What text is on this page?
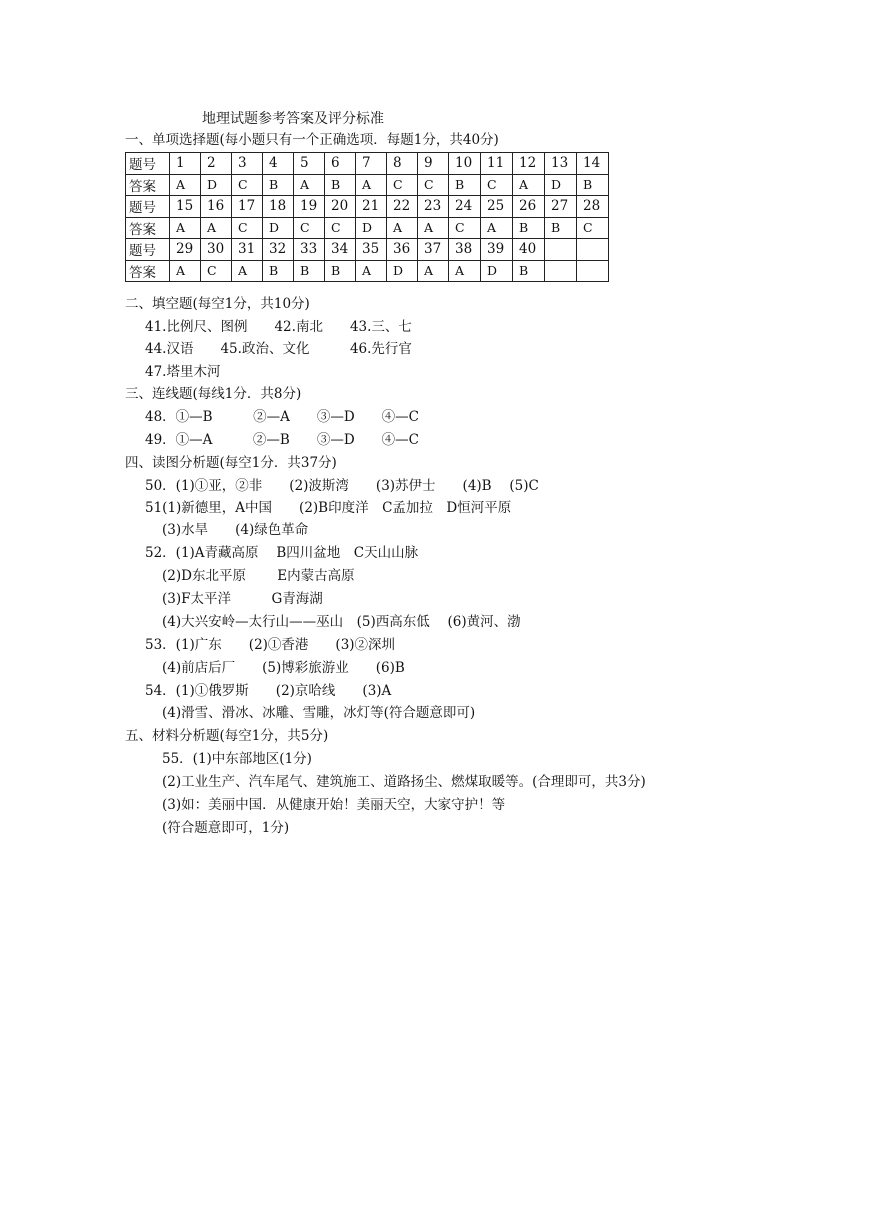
地理试题参考答案及评分标准
一、单项选择题(每小题只有一个正确选项．每题1分，共40分)
题号	1	2	3	4	5	6	7	8	9	10	11	12	13	14
答案	A	D	C	B	A	B	A	C	C	B	C	A	D	B
题号	15	16	17	18	19	20	21	22	23	24	25	26	27	28
答案	A	A	C	D	C	C	D	A	A	C	A	B	B	C
题号	29	30	31	32	33	34	35	36	37	38	39	40		
答案	A	C	A	B	B	B	A	D	A	A	D	B		
二、填空题(每空1分，共10分)
41.比例尺、图例　　42.南北　　43.三、七
44.汉语　　45.政治、文化　　　46.先行官
47.塔里木河
三、连线题(每线1分．共8分)
48．①—B　　　②—A　　③—D　　④—C
49．①—A　　　②—B　　③—D　　④—C
四、读图分析题(每空1分．共37分)
50．(1)①亚，②非　　(2)波斯湾　　(3)苏伊士　　(4)B　 (5)C
51(1)新德里，A中国　　(2)B印度洋　C孟加拉　D恒河平原
(3)水旱　　(4)绿色革命
52．(1)A青藏高原　 B四川盆地　C天山山脉
(2)D东北平原　　 E内蒙古高原
(3)F太平洋　　　G青海湖
(4)大兴安岭—太行山——巫山　(5)西高东低　 (6)黄河、渤
53．(1)广东　　(2)①香港　　(3)②深圳
(4)前店后厂　　(5)博彩旅游业　　(6)B
54．(1)①俄罗斯　　(2)京哈线　　(3)A
(4)滑雪、滑冰、冰雕、雪雕，冰灯等(符合题意即可)
五、材料分析题(每空1分，共5分)
55．(1)中东部地区(1分)
(2)工业生产、汽车尾气、建筑施工、道路扬尘、燃煤取暖等。(合理即可，共3分)
(3)如：美丽中国．从健康开始！美丽天空，大家守护！等
(符合题意即可，1分)
